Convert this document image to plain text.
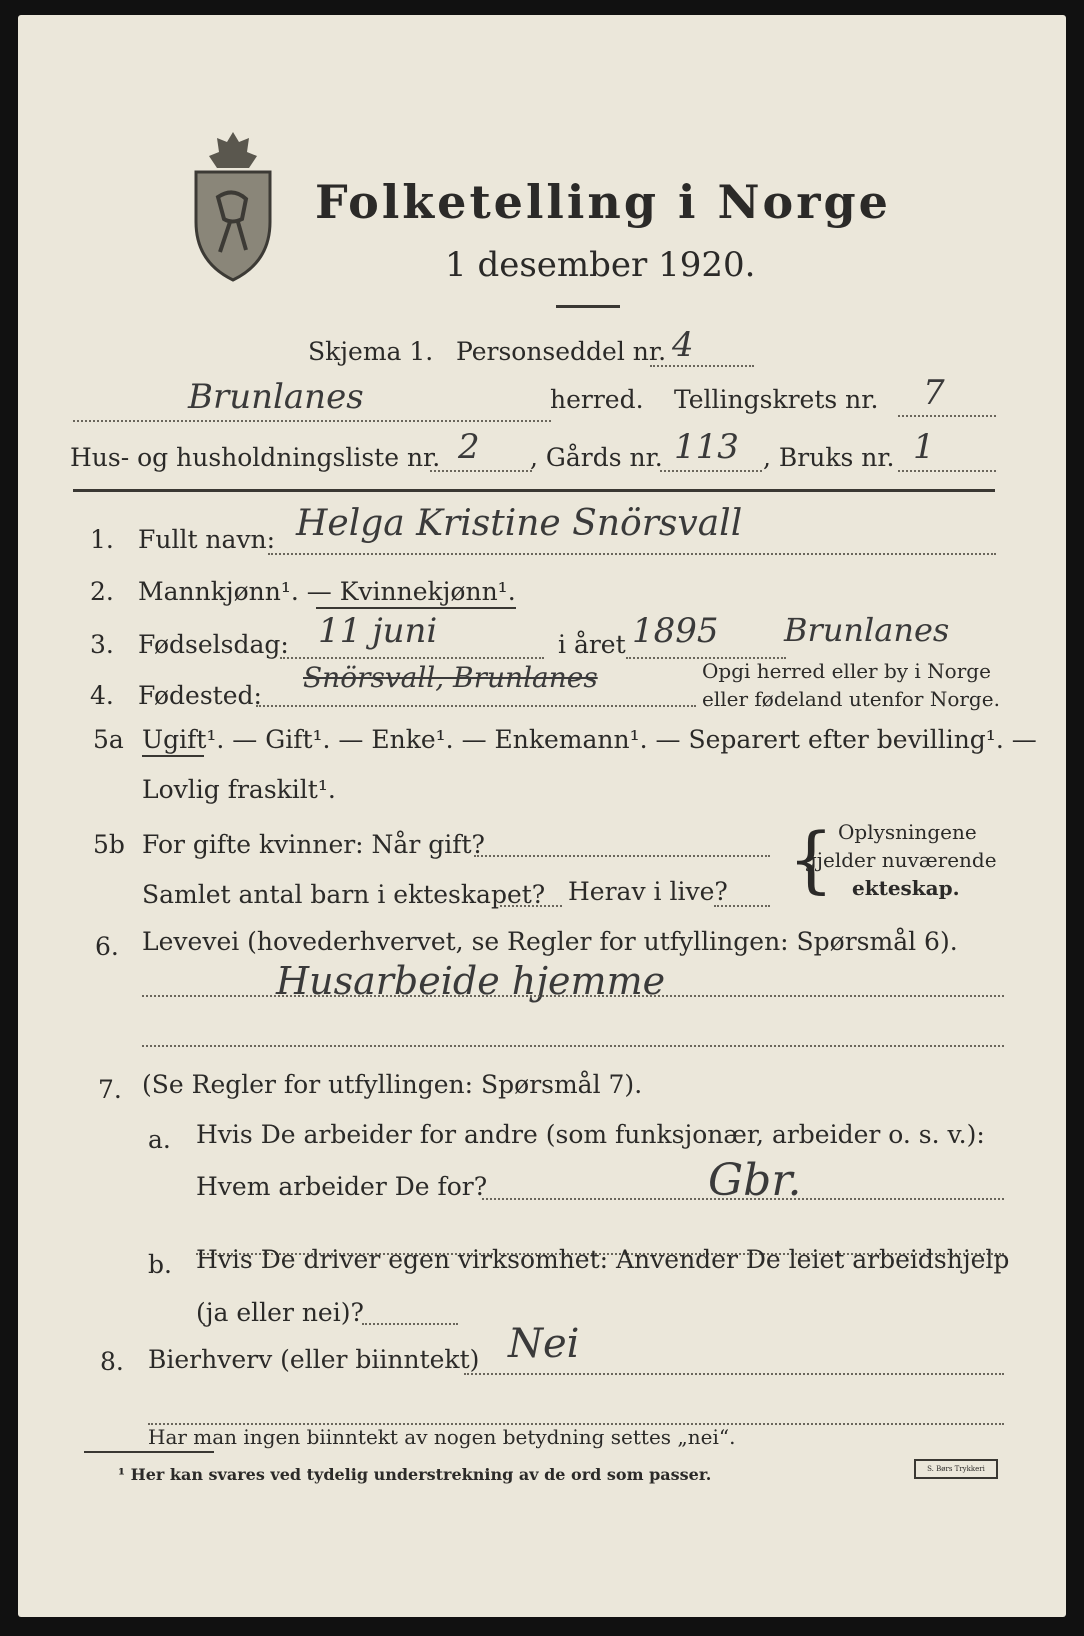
Folketelling i Norge
1 desember 1920.
Skjema 1. Personseddel nr. 4
Brunlanes	herred. Tellingskrets nr. 7
Hus- og husholdningsliste nr. 2 , Gårds nr. 113 , Bruks nr. 1
1. Fullt navn: Helga Kristine Snörsvall
2. Mannkjønn¹. — Kvinnekjønn¹.
3. Fødselsdag: 11 juni	i året 1895 Brunlanes
4. Fødested:
Snörsvall, Brunlanes	Opgi herred eller by i Norge
eller fødeland utenfor Norge.
5a Ugift¹. — Gift¹. — Enke¹. — Enkemann¹. — Separert efter bevilling¹. —
Lovlig fraskilt¹.
5b For gifte kvinner: Når gift?
Samlet antal barn i ekteskapet? Herav i live? { Oplysningene
gjelder nuværende
ekteskap.
6. Levevei (hovederhvervet, se Regler for utfyllingen: Spørsmål 6).
Husarbeide hjemme
7. (Se Regler for utfyllingen: Spørsmål 7).
a. Hvis De arbeider for andre (som funksjonær, arbeider o. s. v.):
Hvem arbeider De for?	Gbr.
b. Hvis De driver egen virksomhet: Anvender De leiet arbeidshjelp
(ja eller nei)?
8. Bierhverv (eller biinntekt) Nei
Har man ingen biinntekt av nogen betydning settes „nei“.
¹ Her kan svares ved tydelig understrekning av de ord som passer.	S. Børs Trykkeri
